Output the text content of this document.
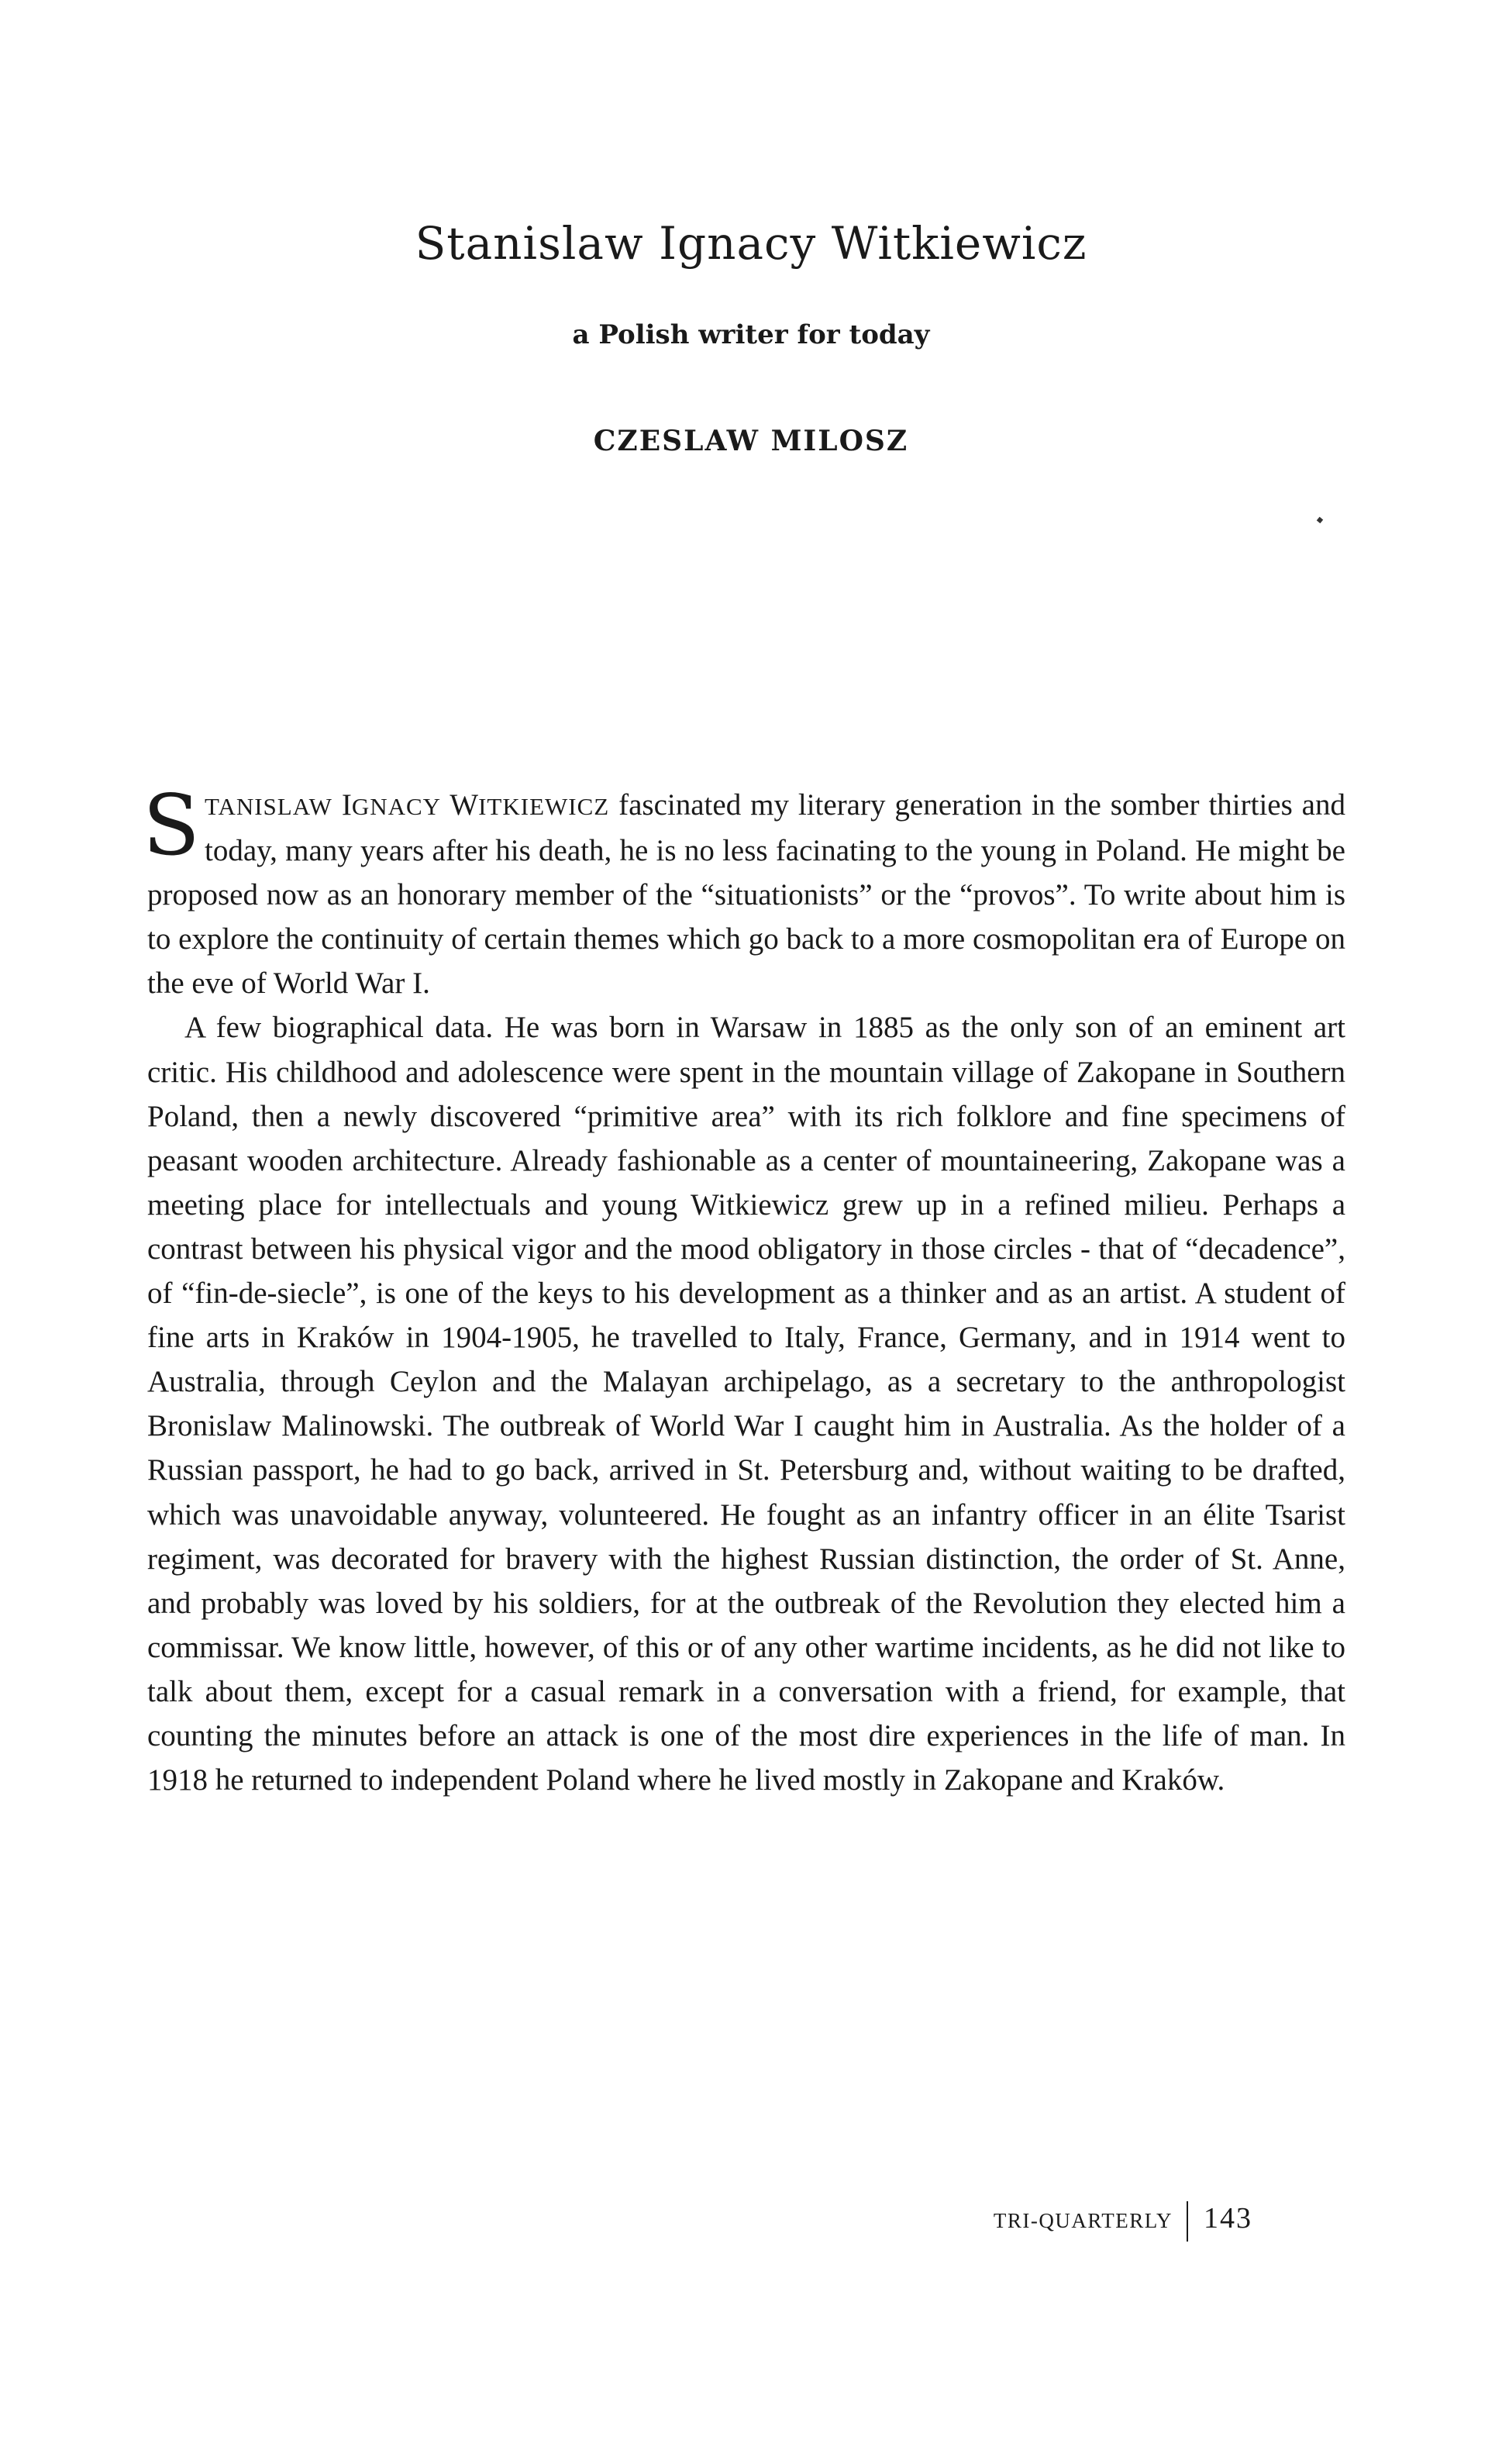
Stanislaw Ignacy Witkiewicz
a Polish writer for today
CZESLAW MILOSZ

STANISLAW IGNACY WITKIEWICZ fascinated my literary generation in the somber thirties and today, many years after his death, he is no less facinating to the young in Poland. He might be proposed now as an honorary member of the “situationists” or the “provos”. To write about him is to explore the continuity of certain themes which go back to a more cosmopolitan era of Europe on the eve of World War I.

A few biographical data. He was born in Warsaw in 1885 as the only son of an eminent art critic. His childhood and adolescence were spent in the mountain village of Zakopane in Southern Poland, then a newly discovered “primitive area” with its rich folklore and fine specimens of peasant wooden architecture. Already fashionable as a center of mountaineering, Zakopane was a meeting place for intellectuals and young Witkiewicz grew up in a refined milieu. Perhaps a contrast between his physical vigor and the mood obligatory in those circles - that of “decadence”, of “fin-de-siecle”, is one of the keys to his development as a thinker and as an artist. A student of fine arts in Kraków in 1904-1905, he travelled to Italy, France, Germany, and in 1914 went to Australia, through Ceylon and the Malayan archipelago, as a secretary to the anthropologist Bronislaw Malinowski. The outbreak of World War I caught him in Australia. As the holder of a Russian passport, he had to go back, arrived in St. Petersburg and, without waiting to be drafted, which was unavoidable anyway, volunteered. He fought as an infantry officer in an élite Tsarist regiment, was decorated for bravery with the highest Russian distinction, the order of St. Anne, and probably was loved by his soldiers, for at the outbreak of the Revolution they elected him a commissar. We know little, however, of this or of any other wartime incidents, as he did not like to talk about them, except for a casual remark in a conversation with a friend, for example, that counting the minutes before an attack is one of the most dire experiences in the life of man. In 1918 he returned to independent Poland where he lived mostly in Zakopane and Kraków.

TRI-QUARTERLY	143
